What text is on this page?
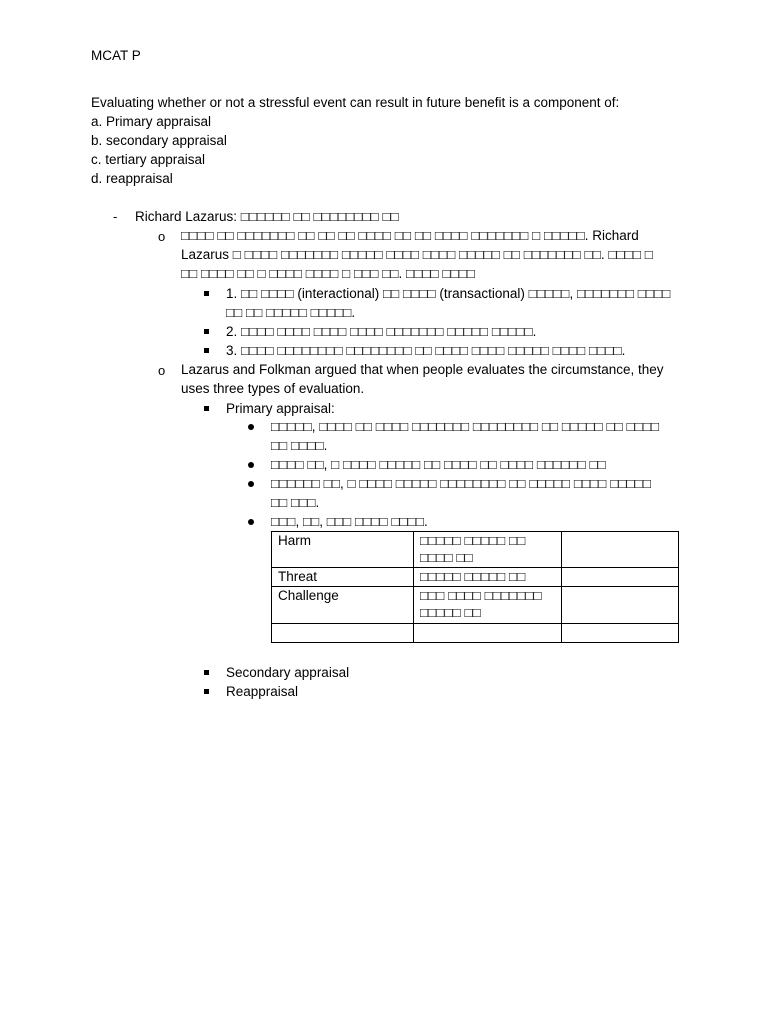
MCAT P
Evaluating whether or not a stressful event can result in future benefit is a component of:
a. Primary appraisal
b. secondary appraisal
c. tertiary appraisal
d. reappraisal
- Richard Lazarus: □□□□□□ □□ □□□□□□□□ □□
o □□□□ □□ □□□□□□□ □□ □□ □□ □□□□ □□ □□ □□□□ □□□□□□□ □ □□□□□. Richard Lazarus □ □□□□ □□□□□□□ □□□□□ □□□□ □□□□ □□□□□ □□ □□□□□□□ □□. □□□□ □ □□ □□□□ □□ □ □□□□ □□□□ □ □□□ □□. □□□□ □□□□
1. □□ □□□□ (interactional) □□ □□□□ (transactional) □□□□□, □□□□□□□ □□□□ □□ □□ □□□□□ □□□□□.
2. □□□□ □□□□ □□□□ □□□□ □□□□□□□ □□□□□ □□□□□.
3. □□□□ □□□□□□□□ □□□□□□□□ □□ □□□□ □□□□ □□□□□ □□□□ □□□□.
o Lazarus and Folkman argued that when people evaluates the circumstance, they uses three types of evaluation.
Primary appraisal:
□□□□□, □□□□ □□ □□□□ □□□□□□□ □□□□□□□□ □□ □□□□□ □□ □□□□ □□ □□□□.
□□□□ □□, □ □□□□ □□□□□ □□ □□□□ □□ □□□□ □□□□□□ □□
□□□□□□ □□, □ □□□□ □□□□□ □□□□□□□□ □□ □□□□□ □□□□ □□□□□ □□ □□□.
□□□, □□, □□□ □□□□ □□□□.
Harm	□□□□□ □□□□□ □□ □□□□ □□	
Threat	□□□□□ □□□□□ □□	
Challenge	□□□ □□□□ □□□□□□□ □□□□□ □□	

Secondary appraisal
Reappraisal
